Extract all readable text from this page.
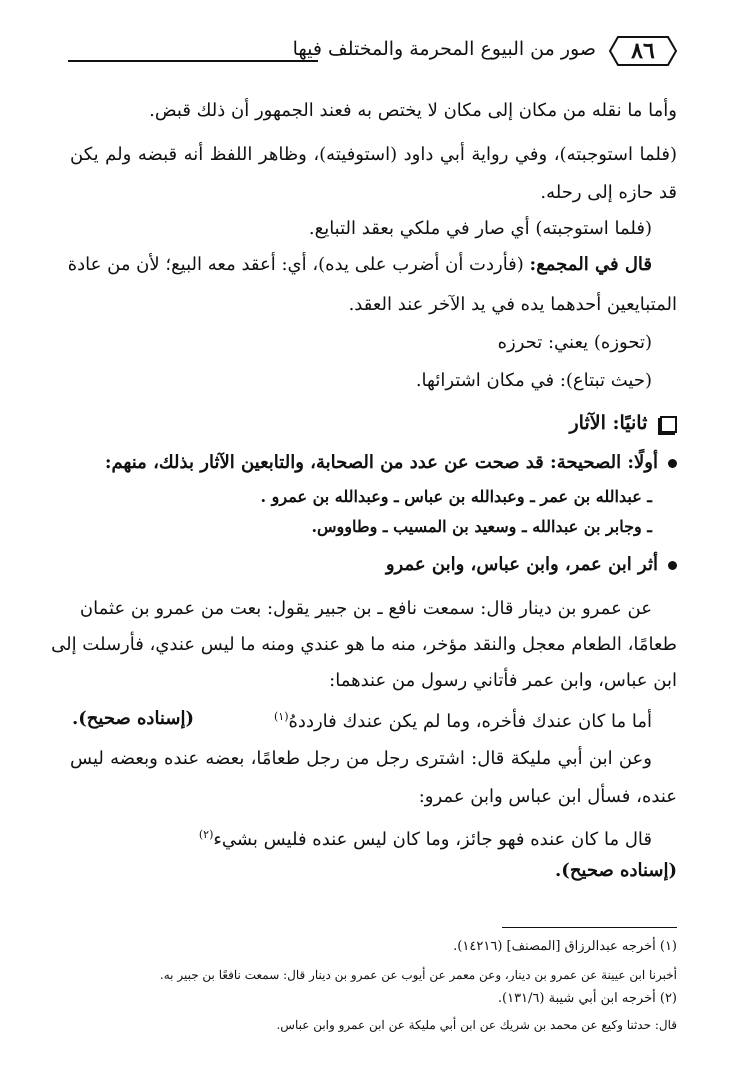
٨٦
صور من البيوع المحرمة والمختلف فيها
وأما ما نقله من مكان إلى مكان لا يختص به فعند الجمهور أن ذلك قبض.
(فلما استوجبته)، وفي رواية أبي داود (استوفيته)، وظاهر اللفظ أنه قبضه ولم يكن
قد حازه إلى رحله.
(فلما استوجبته) أي صار في ملكي بعقد التبايع.
قال في المجمع: (فأردت أن أضرب على يده)، أي: أعقد معه البيع؛ لأن من عادة
المتبايعين أحدهما يده في يد الآخر عند العقد.
(تحوزه) يعني: تحرزه
(حيث تبتاع): في مكان اشترائها.
ثانيًا: الآثار
أولًا: الصحيحة: قد صحت عن عدد من الصحابة، والتابعين الآثار بذلك، منهم:
ـ عبدالله بن عمر ـ وعبدالله بن عباس ـ وعبدالله بن عمرو .
ـ وجابر بن عبدالله ـ وسعيد بن المسيب ـ وطاووس.
أثر ابن عمر، وابن عباس، وابن عمرو
عن عمرو بن دينار قال: سمعت نافع ـ بن جبير يقول: بعت من عمرو بن عثمان
طعامًا، الطعام معجل والنقد مؤخر، منه ما هو عندي ومنه ما ليس عندي، فأرسلت إلى
ابن عباس، وابن عمر فأتاني رسول من عندهما:
أما ما كان عندك فأخره، وما لم يكن عندك فارددهُ$^{(١)}$
(إسناده صحيح).
وعن ابن أبي مليكة قال: اشترى رجل من رجل طعامًا، بعضه عنده وبعضه ليس
عنده، فسأل ابن عباس وابن عمرو:
قال ما كان عنده فهو جائز، وما كان ليس عنده فليس بشيء$^{(٢)}$
(إسناده صحيح).
(١) أخرجه عبدالرزاق [المصنف] (١٤٢١٦).
أخبرنا ابن عيينة عن عمرو بن دينار، وعن معمر عن أيوب عن عمرو بن دينار قال: سمعت نافعًا بن جبير به.
(٢) أخرجه ابن أبي شيبة (١٣١/٦).
قال: حدثنا وكيع عن محمد بن شريك عن ابن أبي مليكة عن ابن عمرو وابن عباس.
